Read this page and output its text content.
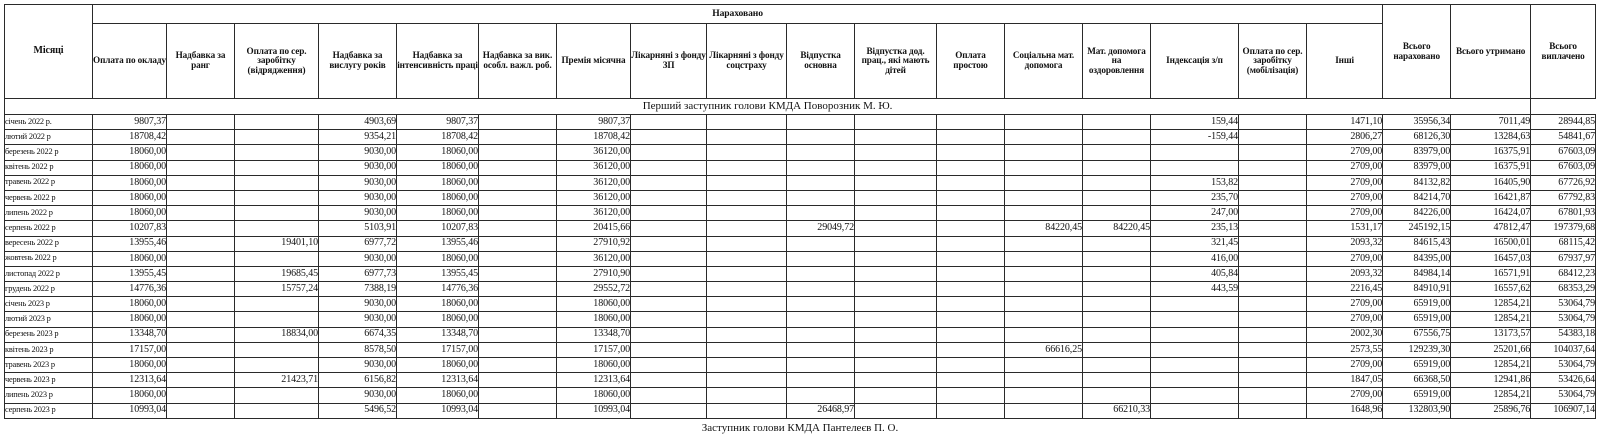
Місяці	Нараховано																	Всього нараховано	Всього утримано	Всього виплачено
	Оплата по окладу	Надбавка за ранг	Оплата по сер. заробітку (відрядження)	Надбавка за вислугу років	Надбавка за інтенсивність праці	Надбавка за вик. особл. важл. роб.	Премія місячна	Лікарняні з фонду ЗП	Лікарняні з фонду соцстраху	Відпустка основна	Відпустка дод. прац., які мають дітей	Оплата простою	Соціальна мат. допомога	Мат. допомога на оздоровлення	Індексація з/п	Оплата по сер. заробітку (мобілізація)	Інші			

Перший заступник голови КМДА Поворозник М. Ю.																				

січень 2022 р.	9807,37			4903,69	9807,37		9807,37								159,44		1471,10	35956,34	7011,49	28944,85
лютий 2022 р	18708,42			9354,21	18708,42		18708,42								-159,44		2806,27	68126,30	13284,63	54841,67
березень 2022 р	18060,00			9030,00	18060,00		36120,00										2709,00	83979,00	16375,91	67603,09
квітень 2022 р	18060,00			9030,00	18060,00		36120,00										2709,00	83979,00	16375,91	67603,09
травень 2022 р	18060,00			9030,00	18060,00		36120,00								153,82		2709,00	84132,82	16405,90	67726,92
червень 2022 р	18060,00			9030,00	18060,00		36120,00								235,70		2709,00	84214,70	16421,87	67792,83
липень 2022 р	18060,00			9030,00	18060,00		36120,00								247,00		2709,00	84226,00	16424,07	67801,93
серпень 2022 р	10207,83			5103,91	10207,83		20415,66			29049,72			84220,45	84220,45	235,13		1531,17	245192,15	47812,47	197379,68
вересень 2022 р	13955,46		19401,10	6977,72	13955,46		27910,92								321,45		2093,32	84615,43	16500,01	68115,42
жовтень 2022 р	18060,00			9030,00	18060,00		36120,00								416,00		2709,00	84395,00	16457,03	67937,97
листопад 2022 р	13955,45		19685,45	6977,73	13955,45		27910,90								405,84		2093,32	84984,14	16571,91	68412,23
грудень 2022 р	14776,36		15757,24	7388,19	14776,36		29552,72								443,59		2216,45	84910,91	16557,62	68353,29
січень 2023 р	18060,00			9030,00	18060,00		18060,00										2709,00	65919,00	12854,21	53064,79
лютий 2023 р	18060,00			9030,00	18060,00		18060,00										2709,00	65919,00	12854,21	53064,79
березень 2023 р	13348,70		18834,00	6674,35	13348,70		13348,70										2002,30	67556,75	13173,57	54383,18
квітень 2023 р	17157,00			8578,50	17157,00		17157,00						66616,25				2573,55	129239,30	25201,66	104037,64
травень 2023 р	18060,00			9030,00	18060,00		18060,00										2709,00	65919,00	12854,21	53064,79
червень 2023 р	12313,64		21423,71	6156,82	12313,64		12313,64										1847,05	66368,50	12941,86	53426,64
липень 2023 р	18060,00			9030,00	18060,00		18060,00										2709,00	65919,00	12854,21	53064,79
серпень 2023 р	10993,04			5496,52	10993,04		10993,04			26468,97				66210,33			1648,96	132803,90	25896,76	106907,14
Заступник голови КМДА Пантелеєв П. О.
